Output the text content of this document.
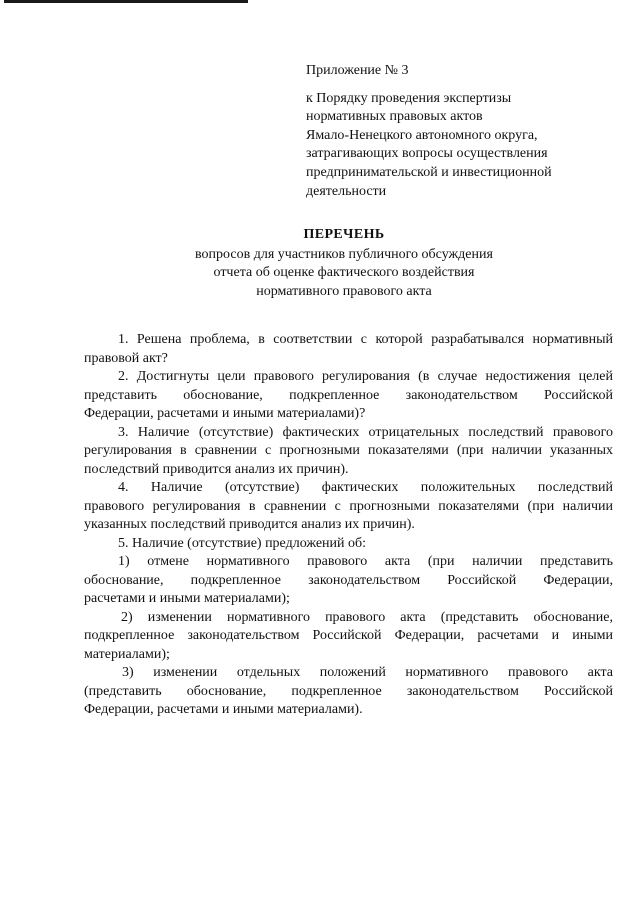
Приложение № 3
к Порядку проведения экспертизы
нормативных правовых актов
Ямало-Ненецкого автономного округа,
затрагивающих вопросы осуществления
предпринимательской и инвестиционной
деятельности
ПЕРЕЧЕНЬ
вопросов для участников публичного обсуждения
отчета об оценке фактического воздействия
нормативного правового акта

1. Решена проблема, в соответствии с которой разрабатывался нормативный
правовой акт?

2. Достигнуты цели правового регулирования (в случае недостижения целей
представить обоснование, подкрепленное законодательством Российской
Федерации, расчетами и иными материалами)?

3. Наличие (отсутствие) фактических отрицательных последствий правового
регулирования в сравнении с прогнозными показателями (при наличии указанных
последствий приводится анализ их причин).

4. Наличие (отсутствие) фактических положительных последствий
правового регулирования в сравнении с прогнозными показателями (при наличии
указанных последствий приводится анализ их причин).

5. Наличие (отсутствие) предложений об:

1) отмене нормативного правового акта (при наличии представить
обоснование, подкрепленное законодательством Российской Федерации,
расчетами и иными материалами);

2) изменении нормативного правового акта (представить обоснование,
подкрепленное законодательством Российской Федерации, расчетами и иными
материалами);

3) изменении отдельных положений нормативного правового акта
(представить обоснование, подкрепленное законодательством Российской
Федерации, расчетами и иными материалами).
